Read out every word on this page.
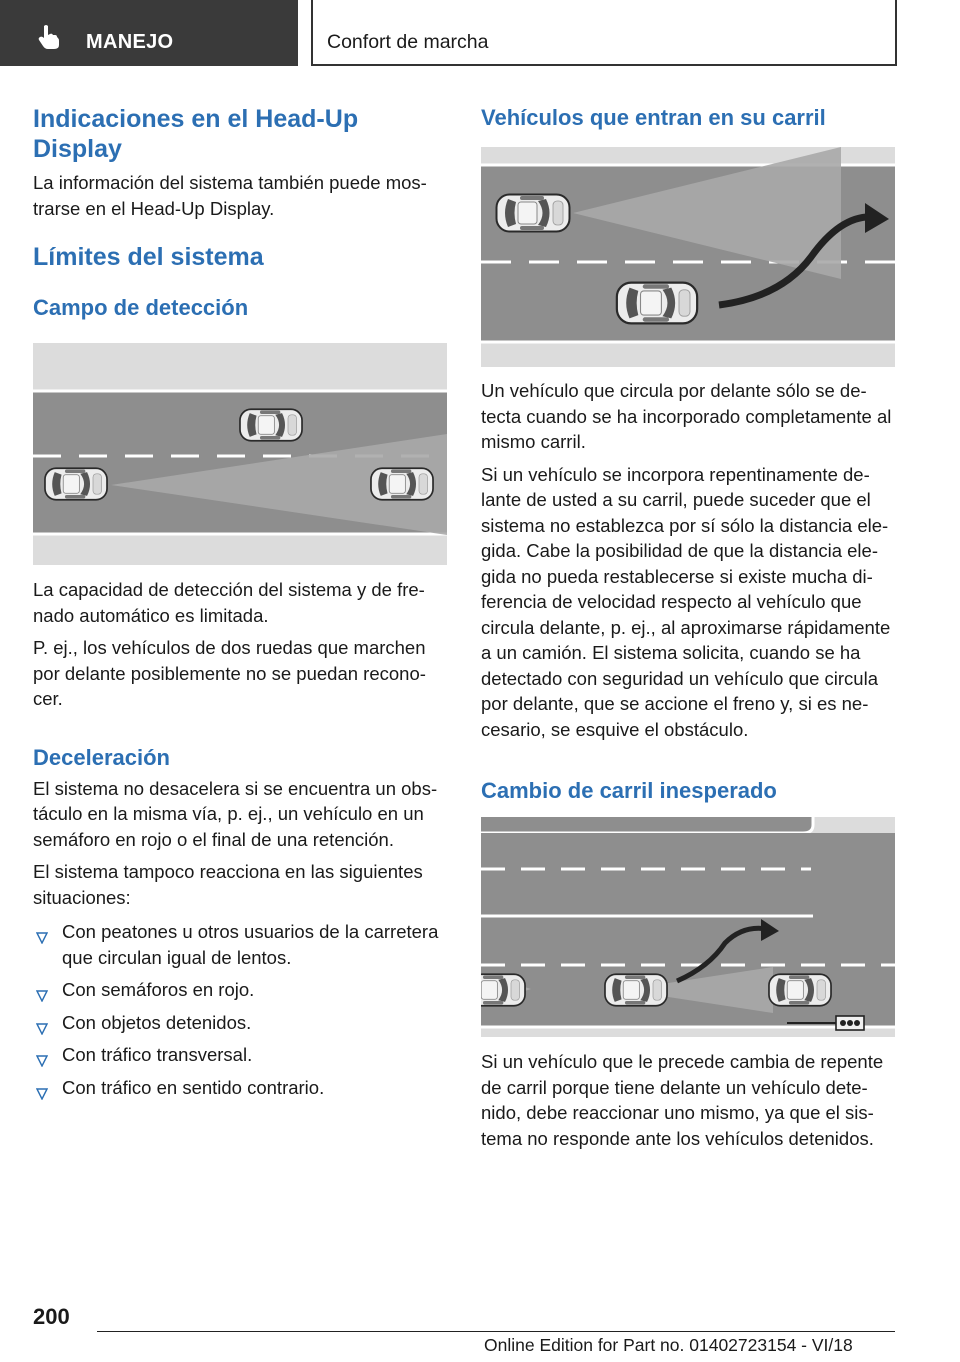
MANEJO	Confort de marcha
Indicaciones en el Head-Up Display

La información del sistema también puede mos-trarse en el Head-Up Display.

Límites del sistema
Campo de detección

La capacidad de detección del sistema y de fre-nado automático es limitada.

P. ej., los vehículos de dos ruedas que marchen por delante posiblemente no se puedan recono-cer.

Deceleración

El sistema no desacelera si se encuentra un obs-táculo en la misma vía, p. ej., un vehículo en un semáforo en rojo o el final de una retención.

El sistema tampoco reacciona en las siguientes situaciones:

Con peatones u otros usuarios de la carretera que circulan igual de lentos.
Con semáforos en rojo.
Con objetos detenidos.
Con tráfico transversal.
Con tráfico en sentido contrario.
Vehículos que entran en su carril

Un vehículo que circula por delante sólo se de-tecta cuando se ha incorporado completamente al mismo carril.

Si un vehículo se incorpora repentinamente de-lante de usted a su carril, puede suceder que el sistema no establezca por sí sólo la distancia ele-gida. Cabe la posibilidad de que la distancia ele-gida no pueda restablecerse si existe mucha di-ferencia de velocidad respecto al vehículo que circula delante, p. ej., al aproximarse rápidamente a un camión. El sistema solicita, cuando se ha detectado con seguridad un vehículo que circula por delante, que se accione el freno y, si es ne-cesario, se esquive el obstáculo.

Cambio de carril inesperado

Si un vehículo que le precede cambia de repente de carril porque tiene delante un vehículo dete-nido, debe reaccionar uno mismo, ya que el sis-tema no responde ante los vehículos detenidos.

200
Online Edition for Part no. 01402723154 - VI/18
